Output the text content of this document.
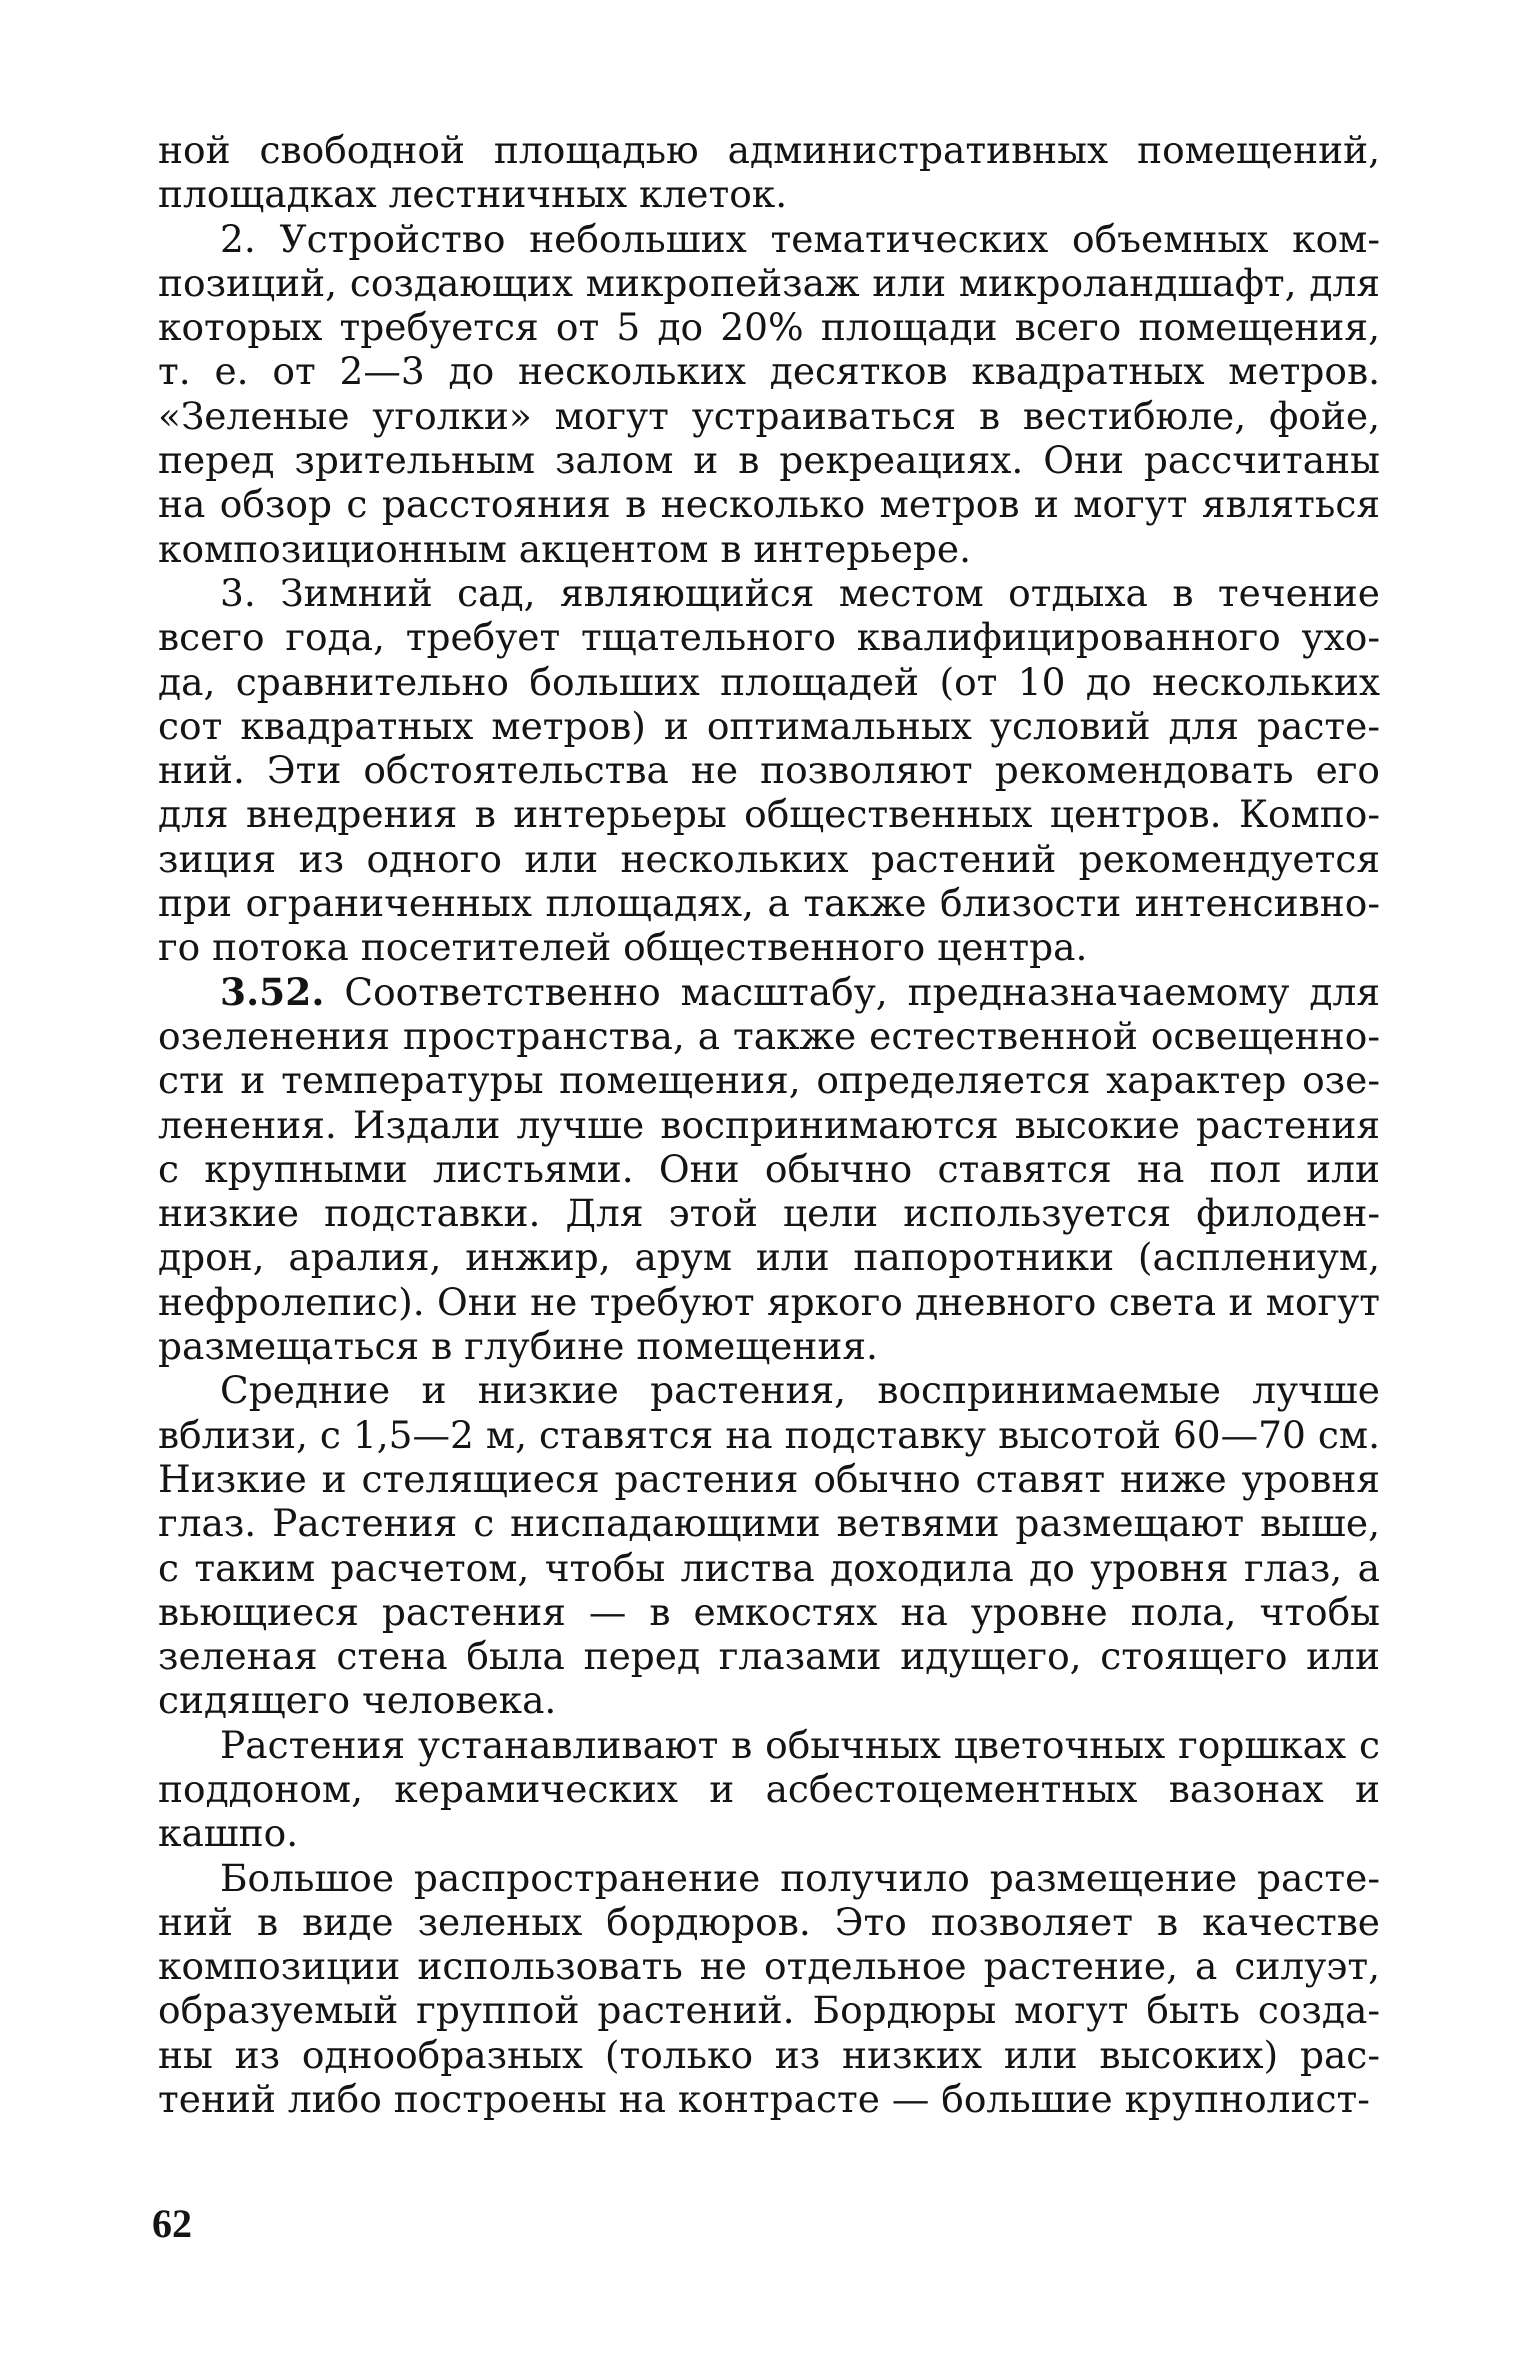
ной свободной площадью административных помещений, площадках лестничных клеток.

2. Устройство небольших тематических объемных композиций, создающих микропейзаж или микроландшафт, для которых требуется от 5 до 20% площади всего помещения, т. е. от 2—3 до нескольких десятков квадратных метров. «Зеленые уголки» могут устраиваться в вестибюле, фойе, перед зрительным залом и в рекреациях. Они рассчитаны на обзор с расстояния в несколько метров и могут являться композиционным акцентом в интерьере.

3. Зимний сад, являющийся местом отдыха в течение всего года, требует тщательного квалифицированного ухода, сравнительно больших площадей (от 10 до нескольких сот квадратных метров) и оптимальных условий для растений. Эти обстоятельства не позволяют рекомендовать его для внедрения в интерьеры общественных центров. Композиция из одного или нескольких растений рекомендуется при ограниченных площадях, а также близости интенсивного потока посетителей общественного центра.

3.52. Соответственно масштабу, предназначаемому для озеленения пространства, а также естественной освещенности и температуры помещения, определяется характер озеленения. Издали лучше воспринимаются высокие растения с крупными листьями. Они обычно ставятся на пол или низкие подставки. Для этой цели используется филодендрон, аралия, инжир, арум или папоротники (асплениум, нефролепис). Они не требуют яркого дневного света и могут размещаться в глубине помещения.

Средние и низкие растения, воспринимаемые лучше вблизи, с 1,5—2 м, ставятся на подставку высотой 60—70 см. Низкие и стелящиеся растения обычно ставят ниже уровня глаз. Растения с ниспадающими ветвями размещают выше, с таким расчетом, чтобы листва доходила до уровня глаз, а вьющиеся растения — в емкостях на уровне пола, чтобы зеленая стена была перед глазами идущего, стоящего или сидящего человека.

Растения устанавливают в обычных цветочных горшках с поддоном, керамических и асбестоцементных вазонах и кашпо.

Большое распространение получило размещение растений в виде зеленых бордюров. Это позволяет в качестве композиции использовать не отдельное растение, а силуэт, образуемый группой растений. Бордюры могут быть созданы из однообразных (только из низких или высоких) растений либо построены на контрасте — большие крупнолист-

62
